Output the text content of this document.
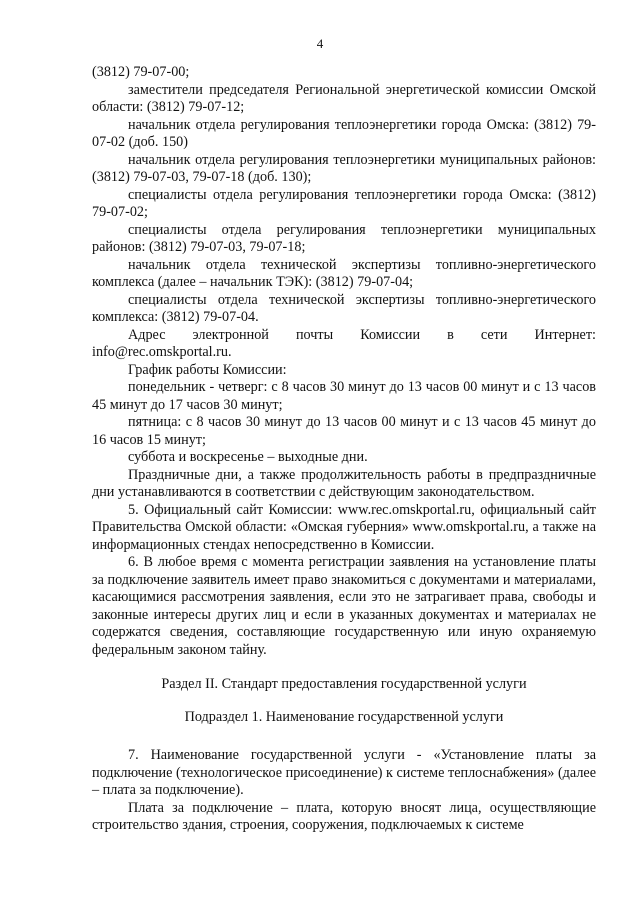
4

(3812) 79-07-00;

заместители председателя Региональной энергетической комиссии Омской области: (3812) 79-07-12;

начальник отдела регулирования теплоэнергетики города Омска: (3812) 79-07-02 (доб. 150)

начальник отдела регулирования теплоэнергетики муниципальных районов: (3812) 79-07-03, 79-07-18 (доб. 130);

специалисты отдела регулирования теплоэнергетики города Омска: (3812) 79-07-02;

специалисты отдела регулирования теплоэнергетики муниципальных районов: (3812) 79-07-03, 79-07-18;

начальник отдела технической экспертизы топливно-энергетического комплекса (далее – начальник ТЭК): (3812) 79-07-04;

специалисты отдела технической экспертизы топливно-энергетического комплекса: (3812) 79-07-04.

Адрес электронной почты Комиссии в сети Интернет: info@rec.omskportal.ru.

График работы Комиссии:

понедельник - четверг: с 8 часов 30 минут до 13 часов 00 минут и с 13 часов 45 минут до 17 часов 30 минут;

пятница: с 8 часов 30 минут до 13 часов 00 минут и с 13 часов 45 минут до 16 часов 15 минут;

суббота и воскресенье – выходные дни.

Праздничные дни, а также продолжительность работы в предпраздничные дни устанавливаются в соответствии с действующим законодательством.

5. Официальный сайт Комиссии: www.rec.omskportal.ru, официальный сайт Правительства Омской области: «Омская губерния» www.omskportal.ru, а также на информационных стендах непосредственно в Комиссии.

6. В любое время с момента регистрации заявления на установление платы за подключение заявитель имеет право знакомиться с документами и материалами, касающимися рассмотрения заявления, если это не затрагивает права, свободы и законные интересы других лиц и если в указанных документах и материалах не содержатся сведения, составляющие государственную или иную охраняемую федеральным законом тайну.

Раздел II. Стандарт предоставления государственной услуги

Подраздел 1. Наименование государственной услуги

7. Наименование государственной услуги - «Установление платы за подключение (технологическое присоединение) к системе теплоснабжения» (далее – плата за подключение).

Плата за подключение – плата, которую вносят лица, осуществляющие строительство здания, строения, сооружения, подключаемых к системе
